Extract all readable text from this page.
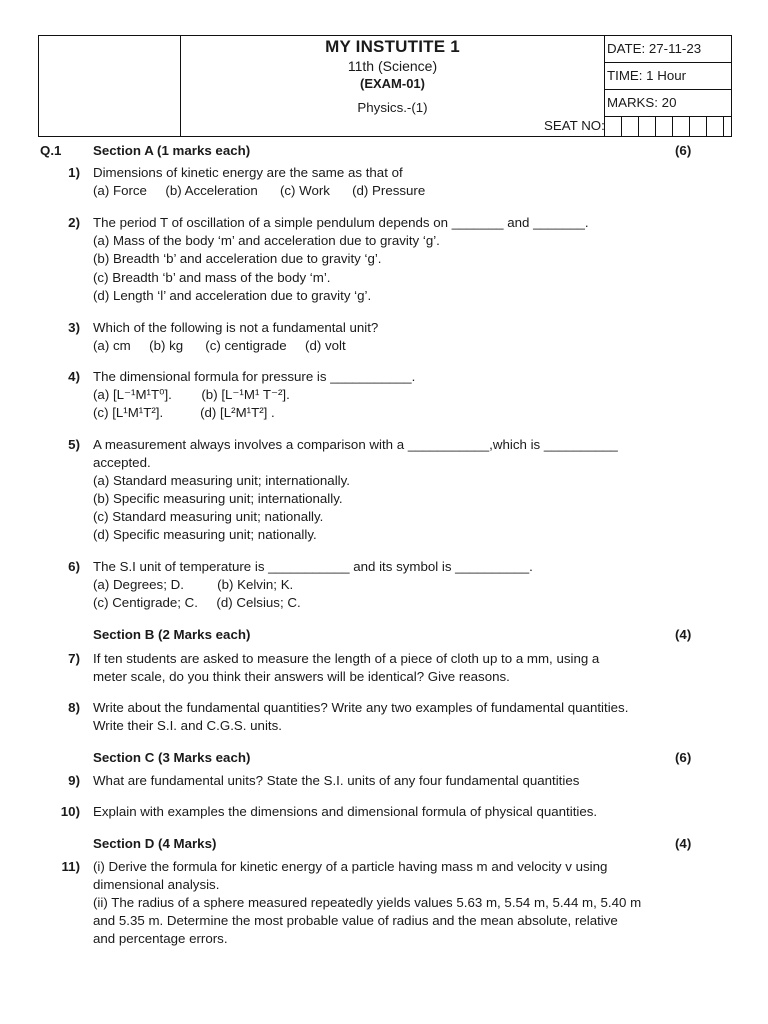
MY INSTUTITE 1
11th (Science)
(EXAM-01)
Physics.-(1)
DATE: 27-11-23
TIME: 1 Hour
MARKS: 20
SEAT NO:
Q.1 Section A (1 marks each)	(6)
1) Dimensions of kinetic energy are the same as that of
(a) Force     (b) Acceleration      (c) Work      (d) Pressure
2) The period T of oscillation of a simple pendulum depends on _______ and _______.
(a) Mass of the body ‘m’ and acceleration due to gravity ‘g’.
(b) Breadth ‘b’ and acceleration due to gravity ‘g’.
(c) Breadth ‘b’ and mass of the body ‘m’.
(d) Length ‘l’ and acceleration due to gravity ‘g’.
3) Which of the following is not a fundamental unit?
(a) cm     (b) kg      (c) centigrade     (d) volt
4) The dimensional formula for pressure is ___________.
(a) [L⁻¹M¹T⁰].        (b) [L⁻¹M¹ T⁻²].
(c) [L¹M¹T²].          (d) [L²M¹T²] .
5) A measurement always involves a comparison with a ___________,which is __________
accepted.
(a) Standard measuring unit; internationally.
(b) Specific measuring unit; internationally.
(c) Standard measuring unit; nationally.
(d) Specific measuring unit; nationally.
6) The S.I unit of temperature is ___________ and its symbol is __________.
(a) Degrees; D.         (b) Kelvin; K.
(c) Centigrade; C.     (d) Celsius; C.
Section B (2 Marks each)	(4)
7) If ten students are asked to measure the length of a piece of cloth up to a mm, using a
meter scale, do you think their answers will be identical? Give reasons.
8) Write about the fundamental quantities? Write any two examples of fundamental quantities.
Write their S.I. and C.G.S. units.
Section C (3 Marks each)	(6)
9) What are fundamental units? State the S.I. units of any four fundamental quantities
10) Explain with examples the dimensions and dimensional formula of physical quantities.
Section D (4 Marks)	(4)
11) (i) Derive the formula for kinetic energy of a particle having mass m and velocity v using
dimensional analysis.
(ii) The radius of a sphere measured repeatedly yields values 5.63 m, 5.54 m, 5.44 m, 5.40 m
and 5.35 m. Determine the most probable value of radius and the mean absolute, relative
and percentage errors.
